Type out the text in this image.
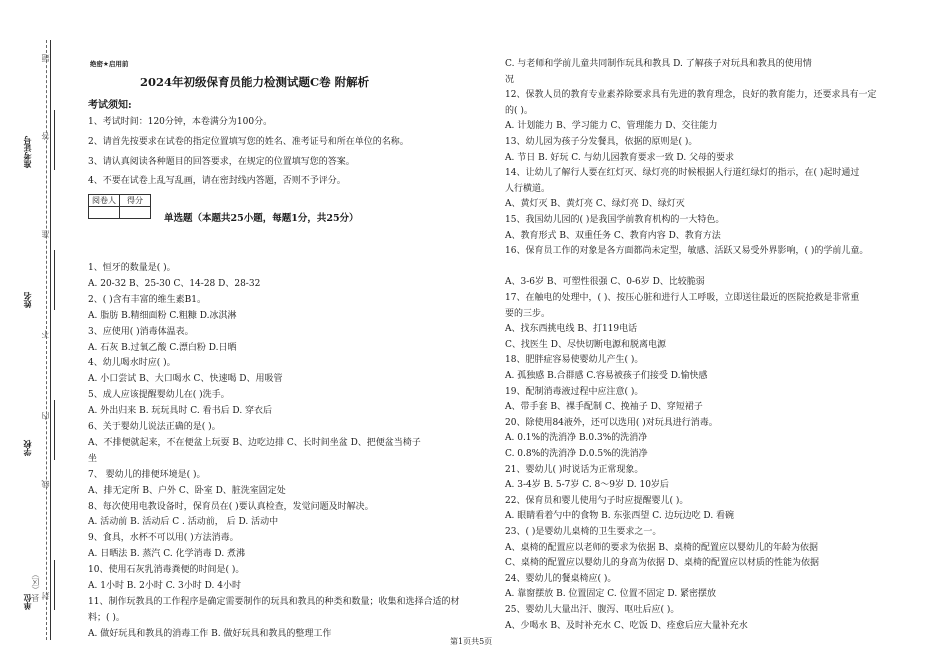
题
答
准
不
内
线
封
准考证号
姓名
学校
单位 县（区）
绝密★启用前
2024年初级保育员能力检测试题C卷 附解析
考试须知:
1、考试时间：120分钟，本卷满分为100分。
2、请首先按要求在试卷的指定位置填写您的姓名、准考证号和所在单位的名称。
3、请认真阅读各种题目的回答要求，在规定的位置填写您的答案。
4、不要在试卷上乱写乱画，请在密封线内答题，否则不予评分。
阅卷人	得分

单选题（本题共25小题，每题1分，共25分）
1、恒牙的数量是( )。
A. 20-32 B、25-30 C、14-28 D、28-32
2、( )含有丰富的维生素B1。
A. 脂肪 B.精细面粉 C.粗糠 D.冰淇淋
3、应使用( )消毒体温表。
A. 石灰 B.过氧乙酸 C.漂白粉 D.日晒
4、幼儿喝水时应( )。
A. 小口尝试 B、大口喝水 C、快速喝 D、用吸管
5、成人应该提醒婴幼儿在( )洗手。
A. 外出归来 B. 玩玩具时 C. 看书后 D. 穿衣后
6、关于婴幼儿说法正确的是( )。
A、不排便就起来，不在便盆上玩耍 B、边吃边排 C、长时间坐盆 D、把便盆当椅子
坐
7、 婴幼儿的排便环境是( )。
A、排无定所 B、户外 C、卧室 D、脏洗室固定处
8、每次使用电教设备时，保育员在( )要认真检查，发觉问题及时解决。
A. 活动前 B. 活动后 C . 活动前， 后 D. 活动中
9、食具，水杯不可以用( )方法消毒。
A. 日晒法 B. 蒸汽 C. 化学消毒 D. 煮沸
10、使用石灰乳消毒粪便的时间是( )。
A. 1小时 B. 2小时 C. 3小时 D. 4小时
11、制作玩教具的工作程序是确定需要制作的玩具和教具的种类和数量；收集和选择合适的材
料；( )。
A. 做好玩具和教具的消毒工作 B. 做好玩具和教具的整理工作
C. 与老师和学前儿童共同制作玩具和教具 D. 了解孩子对玩具和教具的使用情
况
12、保教人员的教育专业素养除要求具有先进的教育理念，良好的教育能力，还要求具有一定
的( )。
A. 计划能力 B、学习能力 C、管理能力 D、交往能力
13、幼儿园为孩子分发餐具，依据的原则是( )。
A. 节日 B. 好玩 C. 与幼儿园教育要求一致 D. 父母的要求
14、让幼儿了解行人要在红灯灭、绿灯亮的时候根据人行道红绿灯的指示，在( )起时通过
人行横道。
A、黄灯灭 B、黄灯亮 C、绿灯亮 D、绿灯灭
15、我国幼儿园的( )是我国学前教育机构的一大特色。
A、教育形式 B、双重任务 C、教育内容 D、教育方法
16、保育员工作的对象是各方面都尚未定型，敏感、活跃又易受外界影响，( )的学前儿童。
A、3-6岁 B、可塑性很强 C、0-6岁 D、比较脆弱
17、在触电的处理中，( )、按压心脏和进行人工呼吸，立即送往最近的医院抢救是非常重
要的三步。
A、找东西挑电线 B、打119电话
C、找医生 D、尽快切断电源和脱离电源
18、肥胖症容易使婴幼儿产生( )。
A. 孤独感 B.合群感 C.容易被孩子们接受 D.愉快感
19、配制消毒液过程中应注意( )。
A、带手套 B、裸手配制 C、挽袖子 D、穿短裙子
20、除使用84液外，还可以选用( )对玩具进行消毒。
A. 0.1%的洗消净 B.0.3%的洗消净
C. 0.8%的洗消净 D.0.5%的洗消净
21、婴幼儿( )时说话为正常现象。
A. 3-4岁 B. 5-7岁 C. 8～9岁 D. 10岁后
22、保育员和婴儿使用勺子时应提醒婴儿( )。
A. 眼睛看着勺中的食物 B. 东张西望 C. 边玩边吃 D. 看碗
23、( )是婴幼儿桌椅的卫生要求之一。
A、桌椅的配置应以老师的要求为依据 B、桌椅的配置应以婴幼儿的年龄为依据
C、桌椅的配置应以婴幼儿的身高为依据 D、桌椅的配置应以材质的性能为依据
24、婴幼儿的餐桌椅应( )。
A. 靠窗摆放 B. 位置固定 C. 位置不固定 D. 紧密摆放
25、婴幼儿大量出汗、腹泻、呕吐后应( )。
A、少喝水 B、及时补充水 C、吃饭 D、痊愈后应大量补充水
第1页共5页
